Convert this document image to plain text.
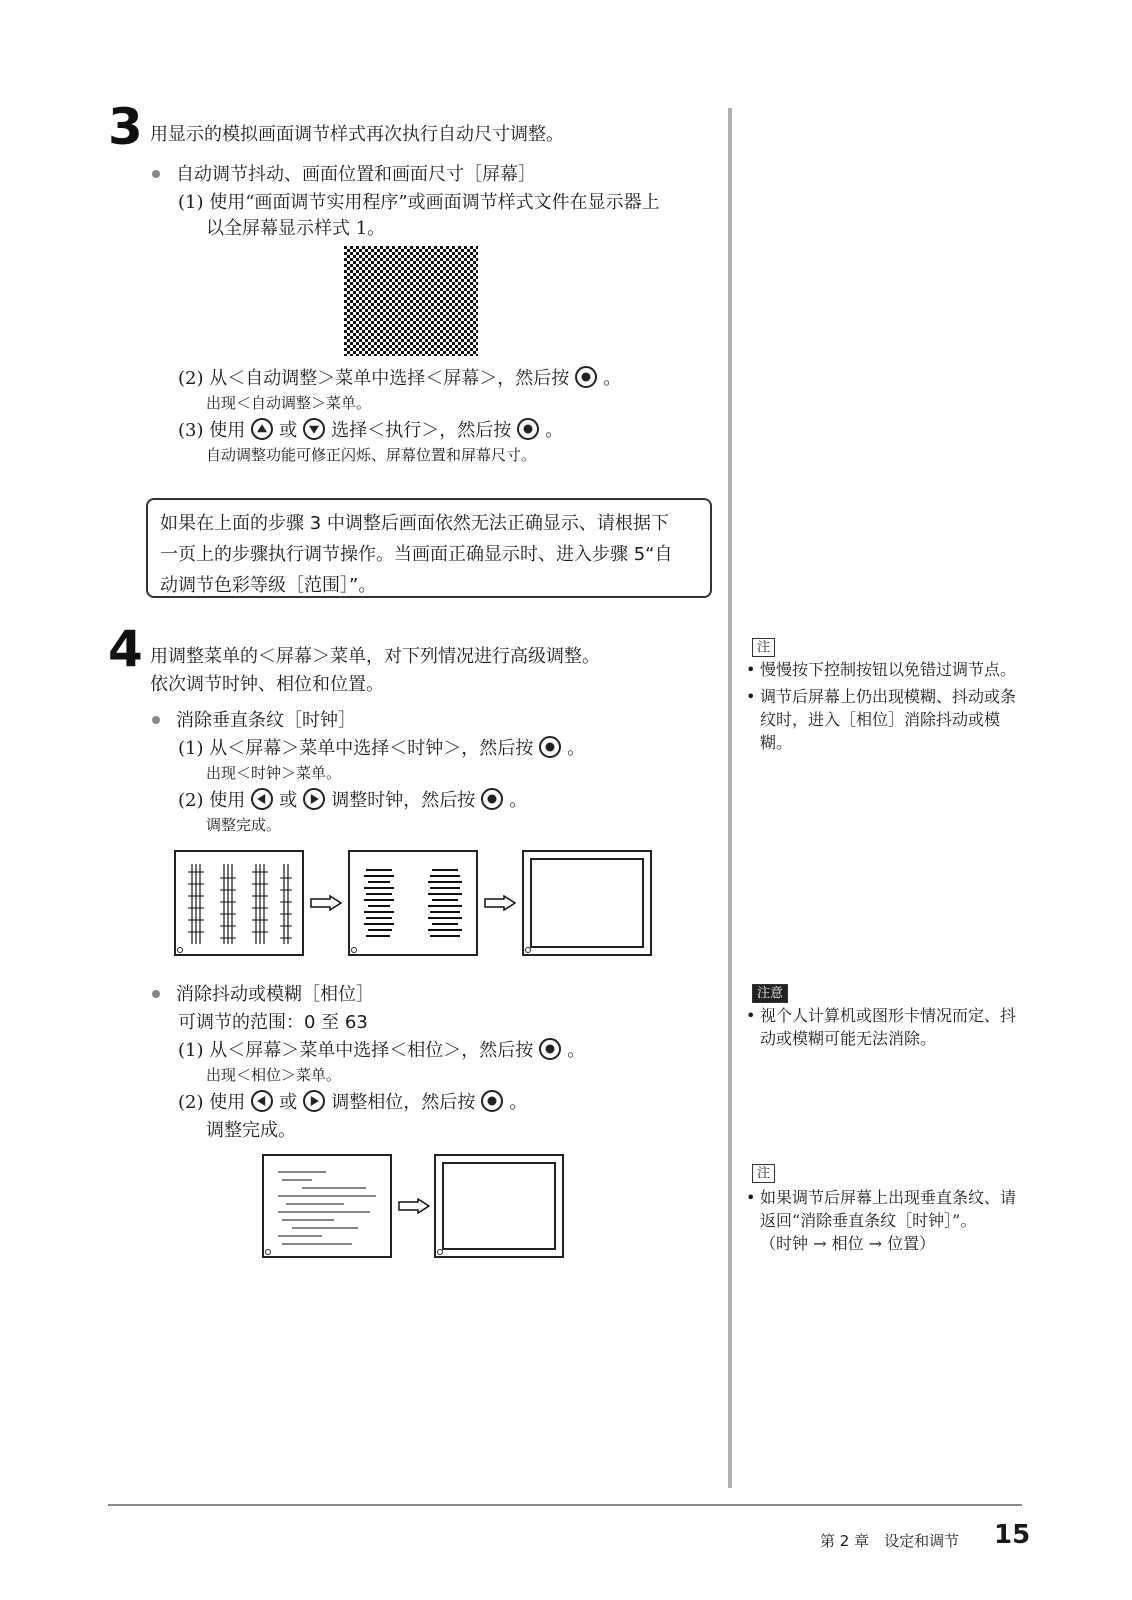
3 用显示的模拟画面调节样式再次执行自动尺寸调整。
自动调节抖动、画面位置和画面尺寸［屏幕］
(1) 使用“画面调节实用程序”或画面调节样式文件在显示器上
以全屏幕显示样式 1。
(2) 从＜自动调整＞菜单中选择＜屏幕＞，然后按 。
出现＜自动调整＞菜单。
(3) 使用 或 选择＜执行＞，然后按 。
自动调整功能可修正闪烁、屏幕位置和屏幕尺寸。
如果在上面的步骤 3 中调整后画面依然无法正确显示、请根据下
一页上的步骤执行调节操作。当画面正确显示时、进入步骤 5“自
动调节色彩等级［范围］”。
4 用调整菜单的＜屏幕＞菜单，对下列情况进行高级调整。
依次调节时钟、相位和位置。
消除垂直条纹［时钟］
(1) 从＜屏幕＞菜单中选择＜时钟＞，然后按 。
出现＜时钟＞菜单。
(2) 使用 或 调整时钟，然后按 。
调整完成。
消除抖动或模糊［相位］
可调节的范围：0 至 63
(1) 从＜屏幕＞菜单中选择＜相位＞，然后按 。
出现＜相位＞菜单。
(2) 使用 或 调整相位，然后按 。
调整完成。
注
• 慢慢按下控制按钮以免错过调节点。
• 调节后屏幕上仍出现模糊、抖动或条纹时，进入［相位］消除抖动或模糊。
注意
• 视个人计算机或图形卡情况而定、抖动或模糊可能无法消除。
注
• 如果调节后屏幕上出现垂直条纹、请返回“消除垂直条纹［时钟］”。
（时钟 → 相位 → 位置）
第 2 章　设定和调节 15
